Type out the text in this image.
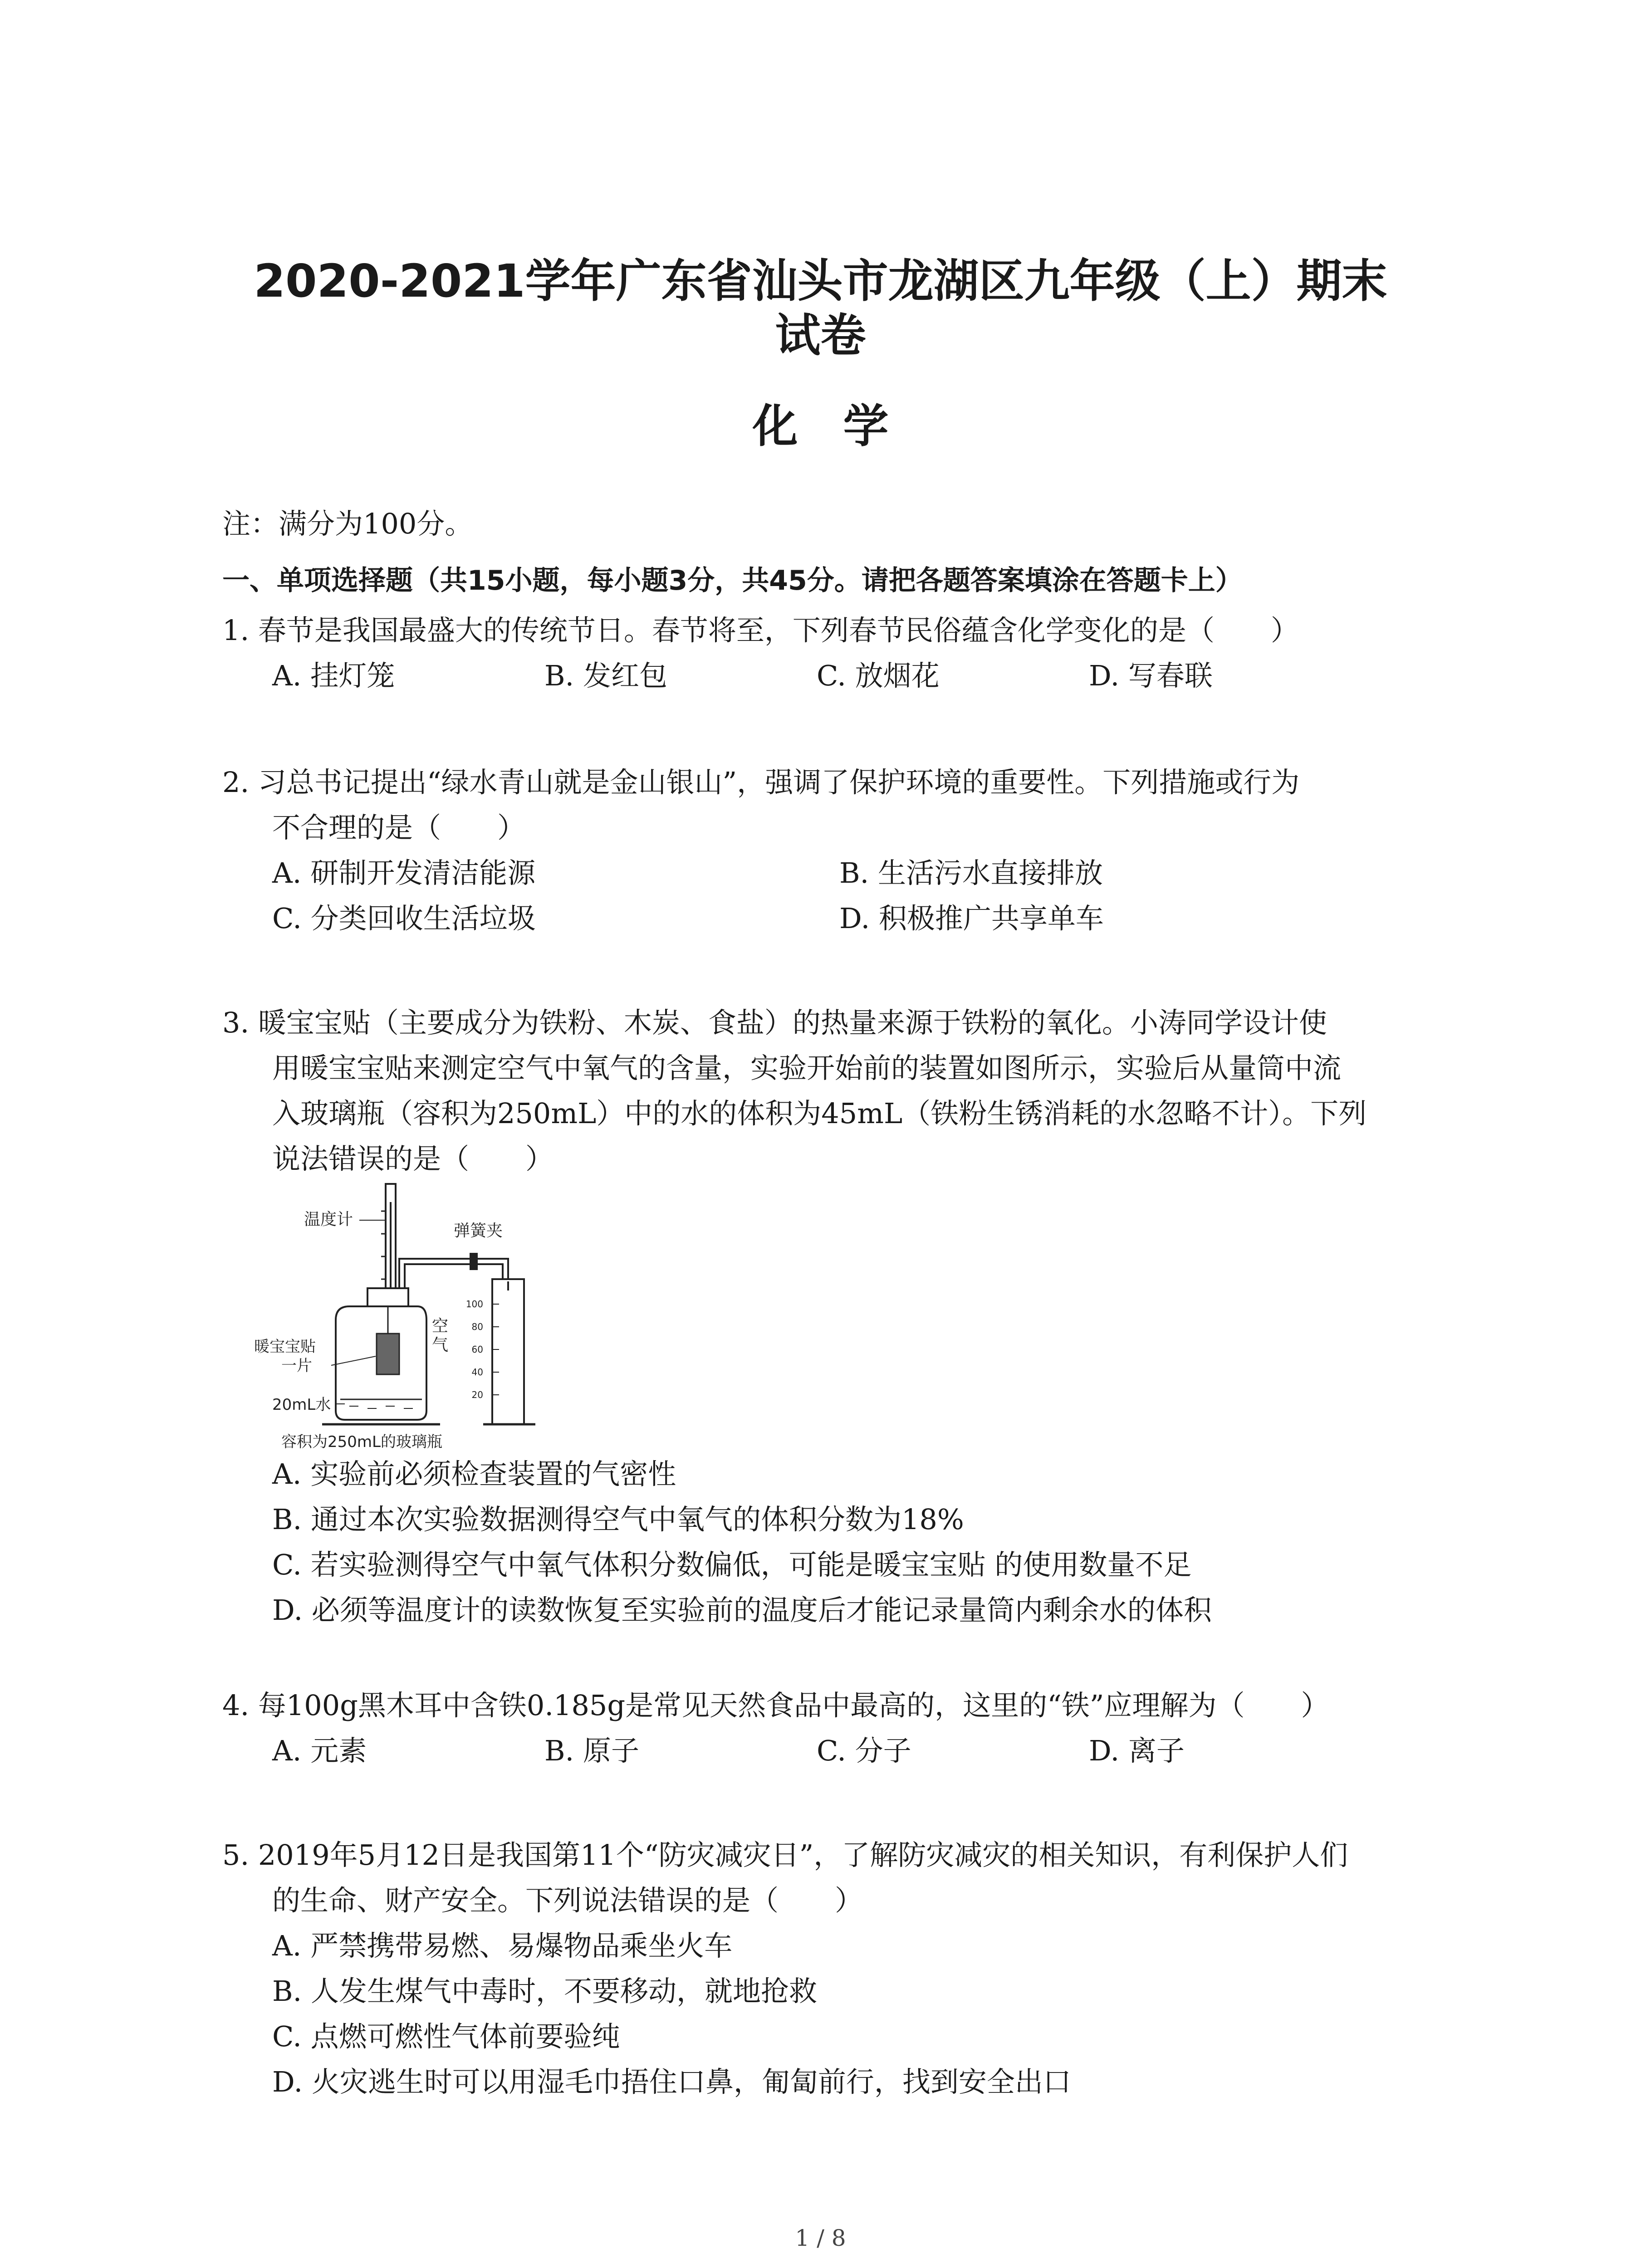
2020-2021学年广东省汕头市龙湖区九年级（上）期末
试卷
化　学
注：满分为100分。
一、单项选择题（共15小题，每小题3分，共45分。请把各题答案填涂在答题卡上）
1. 春节是我国最盛大的传统节日。春节将至，下列春节民俗蕴含化学变化的是（　　）
A. 挂灯笼	B. 发红包	C. 放烟花	D. 写春联
2. 习总书记提出“绿水青山就是金山银山”，强调了保护环境的重要性。下列措施或行为
不合理的是（　　）
A. 研制开发清洁能源	B. 生活污水直接排放
C. 分类回收生活垃圾	D. 积极推广共享单车
3. 暖宝宝贴（主要成分为铁粉、木炭、食盐）的热量来源于铁粉的氧化。小涛同学设计使
用暖宝宝贴来测定空气中氧气的含量，实验开始前的装置如图所示，实验后从量筒中流
入玻璃瓶（容积为250mL）中的水的体积为45mL（铁粉生锈消耗的水忽略不计）。下列
说法错误的是（　　）
温度计
弹簧夹
100
80
60
40
20
空 气
暖宝宝贴
一片
20mL水
容积为250mL的玻璃瓶
A. 实验前必须检查装置的气密性
B. 通过本次实验数据测得空气中氧气的体积分数为18%
C. 若实验测得空气中氧气体积分数偏低，可能是暖宝宝贴 的使用数量不足
D. 必须等温度计的读数恢复至实验前的温度后才能记录量筒内剩余水的体积
4. 每100g黑木耳中含铁0.185g是常见天然食品中最高的，这里的“铁”应理解为（　　）
A. 元素	B. 原子	C. 分子	D. 离子
5. 2019年5月12日是我国第11个“防灾减灾日”，了解防灾减灾的相关知识，有利保护人们
的生命、财产安全。下列说法错误的是（　　）
A. 严禁携带易燃、易爆物品乘坐火车
B. 人发生煤气中毒时，不要移动，就地抢救
C. 点燃可燃性气体前要验纯
D. 火灾逃生时可以用湿毛巾捂住口鼻，匍匐前行，找到安全出口
1 / 8
